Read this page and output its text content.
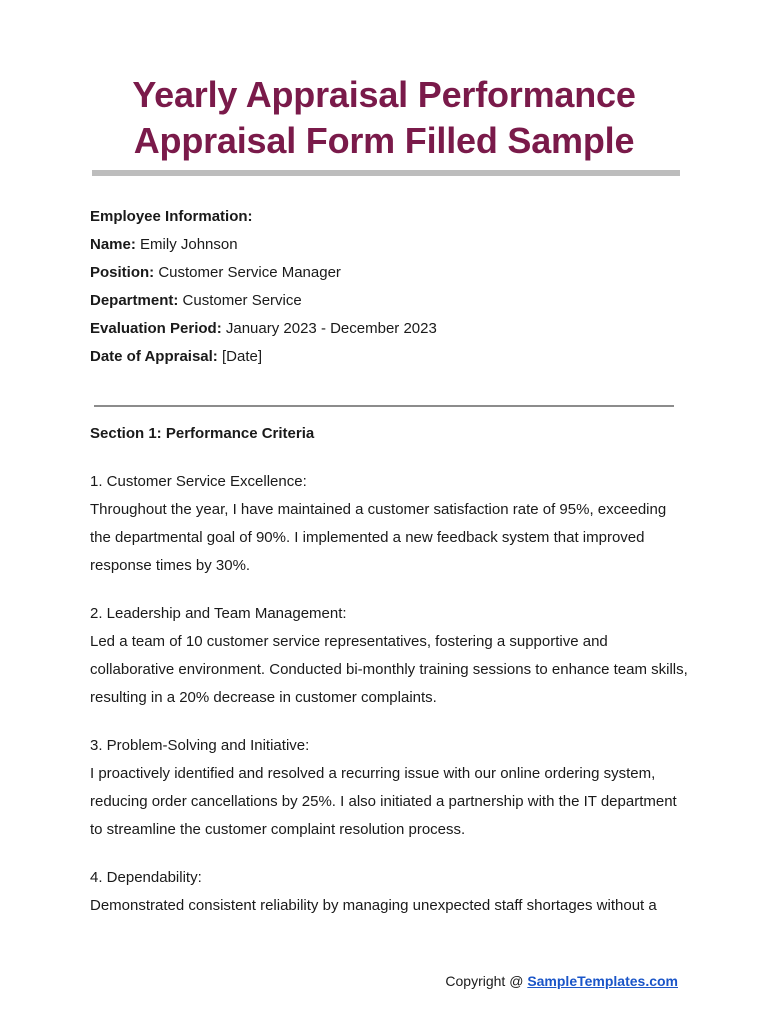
Yearly Appraisal Performance
Appraisal Form Filled Sample
Employee Information:
Name: Emily Johnson
Position: Customer Service Manager
Department: Customer Service
Evaluation Period: January 2023 - December 2023
Date of Appraisal: [Date]
Section 1: Performance Criteria
1. Customer Service Excellence:
Throughout the year, I have maintained a customer satisfaction rate of 95%, exceeding the departmental goal of 90%. I implemented a new feedback system that improved response times by 30%.
2. Leadership and Team Management:
Led a team of 10 customer service representatives, fostering a supportive and collaborative environment. Conducted bi-monthly training sessions to enhance team skills, resulting in a 20% decrease in customer complaints.
3. Problem-Solving and Initiative:
I proactively identified and resolved a recurring issue with our online ordering system, reducing order cancellations by 25%. I also initiated a partnership with the IT department to streamline the customer complaint resolution process.
4. Dependability:
Demonstrated consistent reliability by managing unexpected staff shortages without a
Copyright @ SampleTemplates.com
